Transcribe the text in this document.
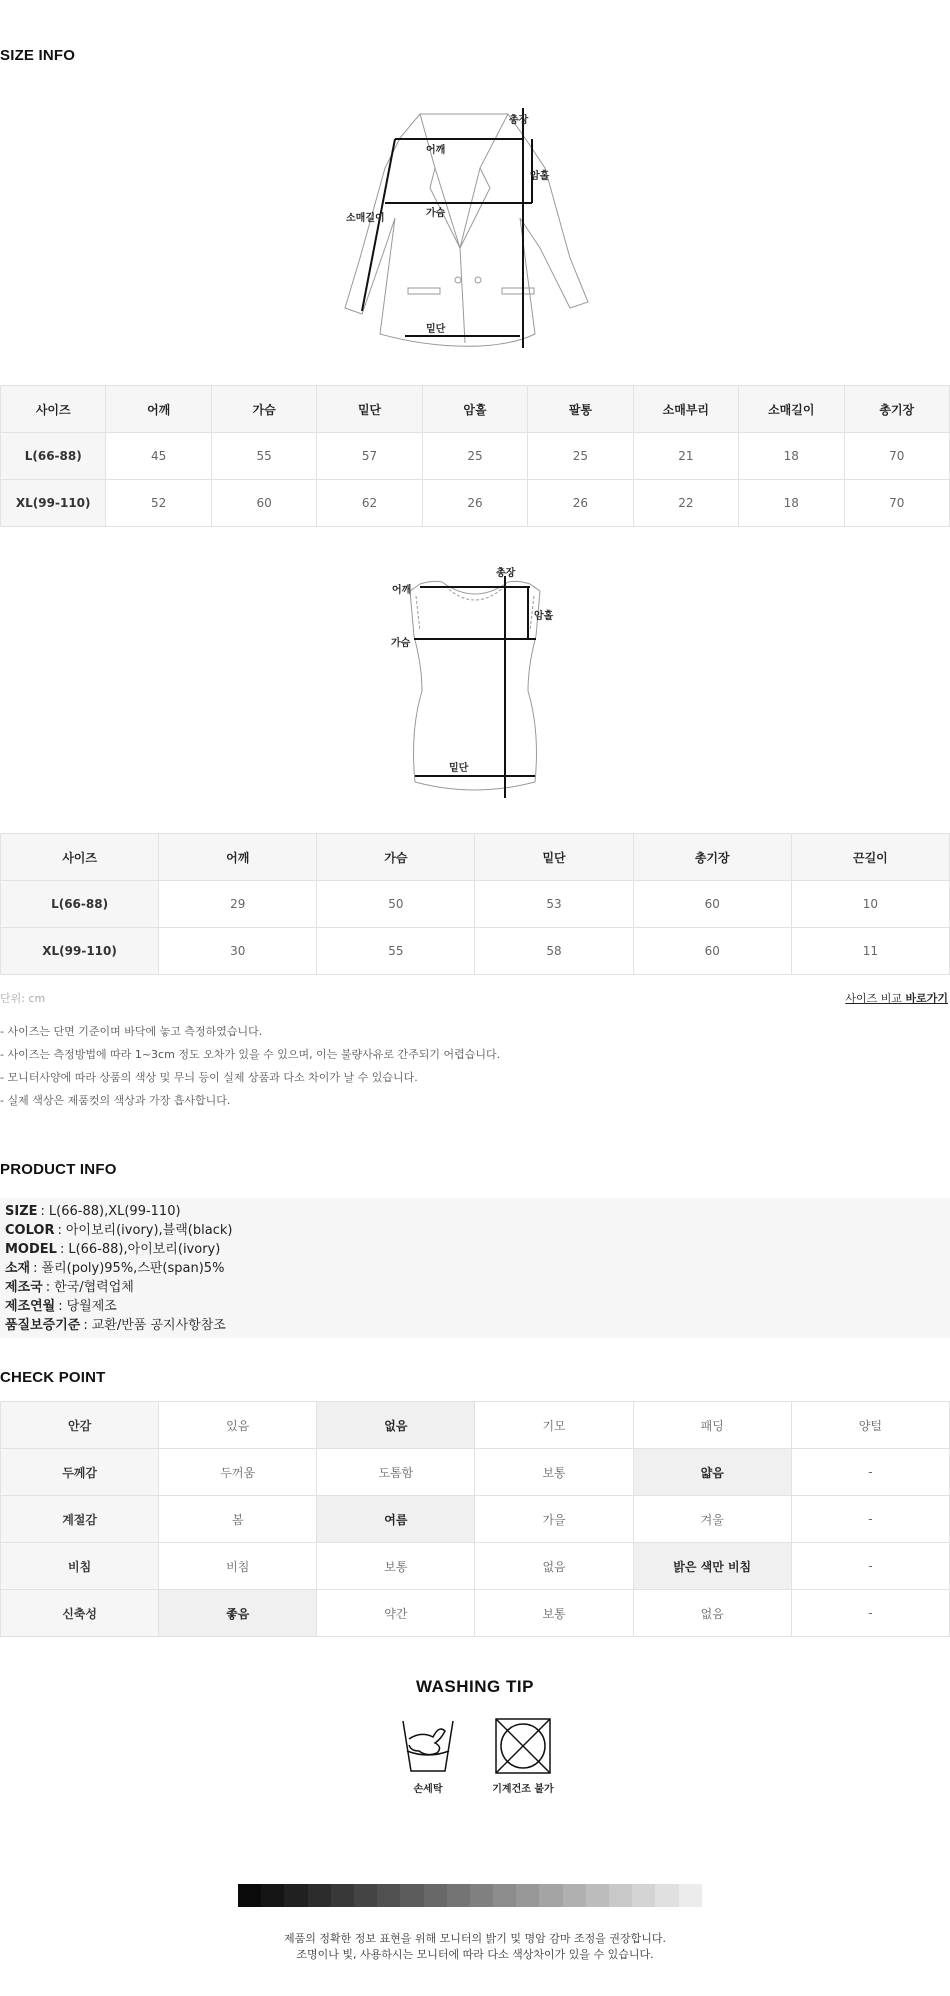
SIZE INFO
총장
어깨
암홀
소매길이	가슴
밑단
사이즈	어깨	가슴	밑단	암홀	팔통	소매부리	소매길이	총기장
L(66-88)	45	55	57	25	25	21	18	70
XL(99-110)	52	60	62	26	26	22	18	70
총장
어깨
암홀
가슴
밑단
사이즈	어깨	가슴	밑단	총기장	끈길이
L(66-88)	29	50	53	60	10
XL(99-110)	30	55	58	60	11
단위: cm	사이즈 비교 바로가기
- 사이즈는 단면 기준이며 바닥에 놓고 측정하였습니다.
- 사이즈는 측정방법에 따라 1~3cm 정도 오차가 있을 수 있으며, 이는 불량사유로 간주되기 어렵습니다.
- 모니터사양에 따라 상품의 색상 및 무늬 등이 실제 상품과 다소 차이가 날 수 있습니다.
- 실제 색상은 제품컷의 색상과 가장 흡사합니다.
PRODUCT INFO
SIZE : L(66-88),XL(99-110)
COLOR : 아이보리(ivory),블랙(black)
MODEL : L(66-88),아이보리(ivory)
소재 : 폴리(poly)95%,스판(span)5%
제조국 : 한국/협력업체
제조연월 : 당월제조
품질보증기준 : 교환/반품 공지사항참조
CHECK POINT
안감	있음	없음	기모	패딩	양털
두께감	두꺼움	도톰함	보통	얇음	-
계절감	봄	여름	가을	겨울	-
비침	비침	보통	없음	밝은 색만 비침	-
신축성	좋음	약간	보통	없음	-
WASHING TIP
손세탁	기계건조 불가
제품의 정확한 정보 표현을 위해 모니터의 밝기 및 명암 감마 조정을 권장합니다.
조명이나 빛, 사용하시는 모니터에 따라 다소 색상차이가 있을 수 있습니다.
